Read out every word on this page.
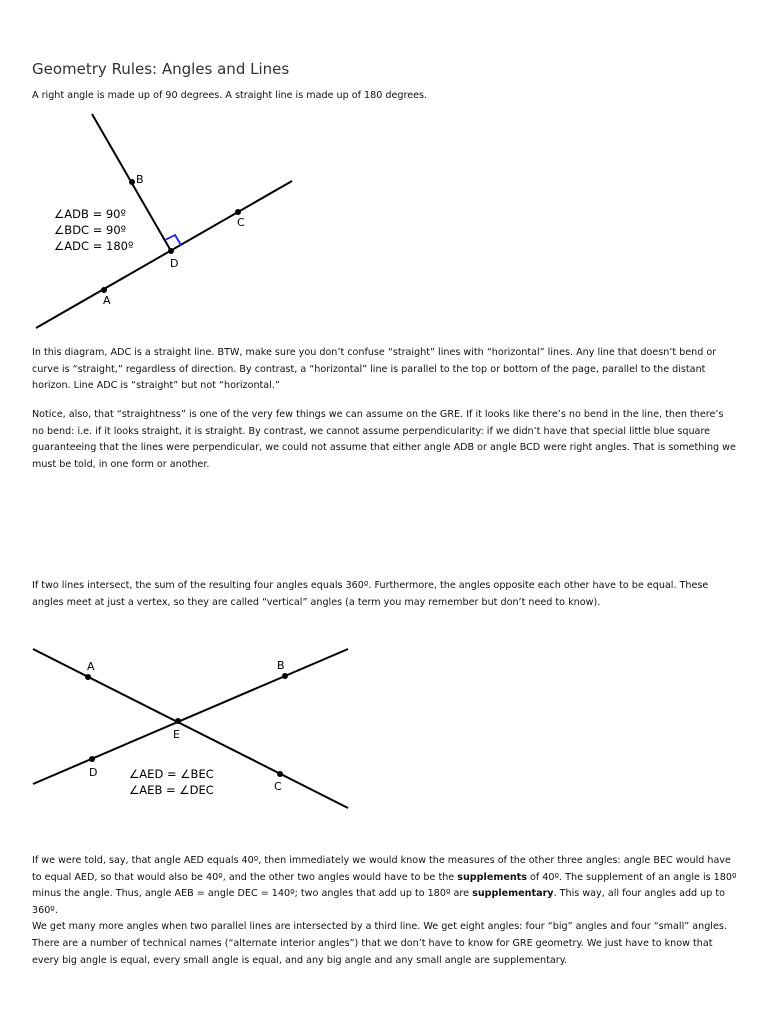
Geometry Rules: Angles and Lines

A right angle is made up of 90 degrees. A straight line is made up of 180 degrees.

B
C
D
A
∠ADB = 90º
∠BDC = 90º
∠ADC = 180º
A	B
E
D
C
∠AED = ∠BEC
∠AEB = ∠DEC

In this diagram, ADC is a straight line. BTW, make sure you don’t confuse “straight” lines with “horizontal” lines. Any line that doesn’t bend or curve is “straight,” regardless of direction. By contrast, a “horizontal” line is parallel to the top or bottom of the page, parallel to the distant horizon. Line ADC is “straight” but not “horizontal.”

Notice, also, that “straightness” is one of the very few things we can assume on the GRE. If it looks like there’s no bend in the line, then there’s no bend: i.e. if it looks straight, it is straight. By contrast, we cannot assume perpendicularity: if we didn’t have that special little blue square guaranteeing that the lines were perpendicular, we could not assume that either angle ADB or angle BCD were right angles. That is something we must be told, in one form or another.

If two lines intersect, the sum of the resulting four angles equals 360º. Furthermore, the angles opposite each other have to be equal. These angles meet at just a vertex, so they are called “vertical” angles (a term you may remember but don’t need to know).

If we were told, say, that angle AED equals 40º, then immediately we would know the measures of the other three angles: angle BEC would have to equal AED, so that would also be 40º, and the other two angles would have to be the supplements of 40º. The supplement of an angle is 180º minus the angle. Thus, angle AEB = angle DEC = 140º; two angles that add up to 180º are supplementary. This way, all four angles add up to 360º.
We get many more angles when two parallel lines are intersected by a third line. We get eight angles: four “big” angles and four “small” angles. There are a number of technical names (“alternate interior angles”) that we don’t have to know for GRE geometry. We just have to know that every big angle is equal, every small angle is equal, and any big angle and any small angle are supplementary.
